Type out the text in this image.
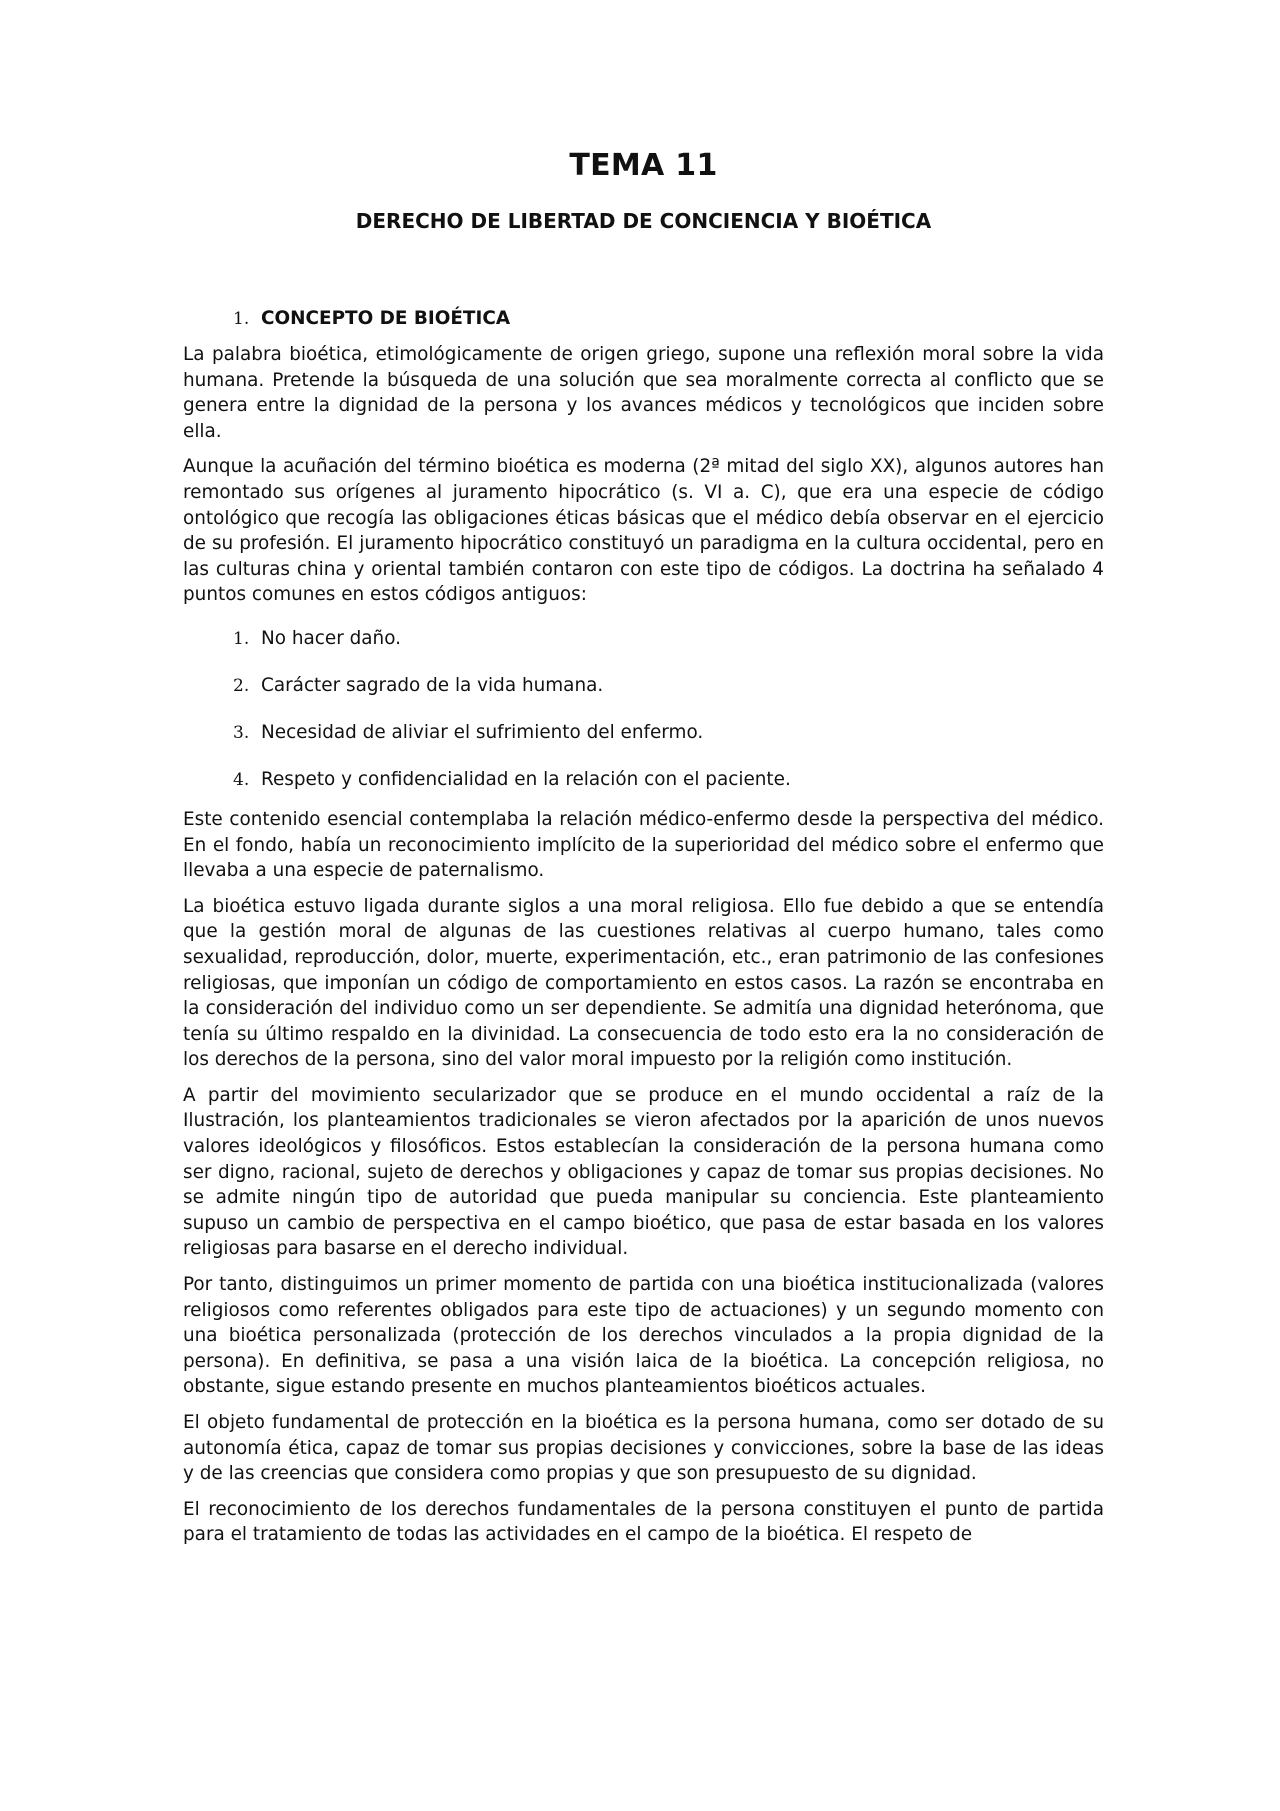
TEMA 11
DERECHO DE LIBERTAD DE CONCIENCIA Y BIOÉTICA
1. CONCEPTO DE BIOÉTICA

La palabra bioética, etimológicamente de origen griego, supone una reflexión moral sobre la vida humana. Pretende la búsqueda de una solución que sea moralmente correcta al conflicto que se genera entre la dignidad de la persona y los avances médicos y tecnológicos que inciden sobre ella.

Aunque la acuñación del término bioética es moderna (2ª mitad del siglo XX), algunos autores han remontado sus orígenes al juramento hipocrático (s. VI a. C), que era una especie de código ontológico que recogía las obligaciones éticas básicas que el médico debía observar en el ejercicio de su profesión. El juramento hipocrático constituyó un paradigma en la cultura occidental, pero en las culturas china y oriental también contaron con este tipo de códigos. La doctrina ha señalado 4 puntos comunes en estos códigos antiguos:

1. No hacer daño.
2. Carácter sagrado de la vida humana.
3. Necesidad de aliviar el sufrimiento del enfermo.
4. Respeto y confidencialidad en la relación con el paciente.

Este contenido esencial contemplaba la relación médico-enfermo desde la perspectiva del médico. En el fondo, había un reconocimiento implícito de la superioridad del médico sobre el enfermo que llevaba a una especie de paternalismo.

La bioética estuvo ligada durante siglos a una moral religiosa. Ello fue debido a que se entendía que la gestión moral de algunas de las cuestiones relativas al cuerpo humano, tales como sexualidad, reproducción, dolor, muerte, experimentación, etc., eran patrimonio de las confesiones religiosas, que imponían un código de comportamiento en estos casos. La razón se encontraba en la consideración del individuo como un ser dependiente. Se admitía una dignidad heterónoma, que tenía su último respaldo en la divinidad. La consecuencia de todo esto era la no consideración de los derechos de la persona, sino del valor moral impuesto por la religión como institución.

A partir del movimiento secularizador que se produce en el mundo occidental a raíz de la Ilustración, los planteamientos tradicionales se vieron afectados por la aparición de unos nuevos valores ideológicos y filosóficos. Estos establecían la consideración de la persona humana como ser digno, racional, sujeto de derechos y obligaciones y capaz de tomar sus propias decisiones. No se admite ningún tipo de autoridad que pueda manipular su conciencia. Este planteamiento supuso un cambio de perspectiva en el campo bioético, que pasa de estar basada en los valores religiosas para basarse en el derecho individual.

Por tanto, distinguimos un primer momento de partida con una bioética institucionalizada (valores religiosos como referentes obligados para este tipo de actuaciones) y un segundo momento con una bioética personalizada (protección de los derechos vinculados a la propia dignidad de la persona). En definitiva, se pasa a una visión laica de la bioética. La concepción religiosa, no obstante, sigue estando presente en muchos planteamientos bioéticos actuales.

El objeto fundamental de protección en la bioética es la persona humana, como ser dotado de su autonomía ética, capaz de tomar sus propias decisiones y convicciones, sobre la base de las ideas y de las creencias que considera como propias y que son presupuesto de su dignidad.

El reconocimiento de los derechos fundamentales de la persona constituyen el punto de partida para el tratamiento de todas las actividades en el campo de la bioética. El respeto de
